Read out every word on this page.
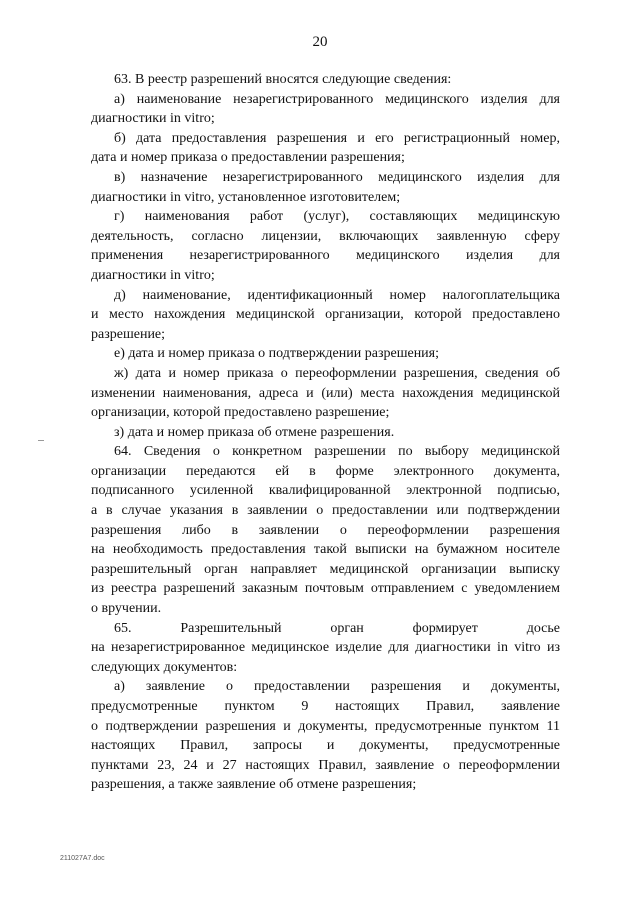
20
63. В реестр разрешений вносятся следующие сведения:
а) наименование незарегистрированного медицинского изделия для
диагностики in vitro;
б) дата предоставления разрешения и его регистрационный номер,
дата и номер приказа о предоставлении разрешения;
в) назначение незарегистрированного медицинского изделия для
диагностики in vitro, установленное изготовителем;
г) наименования работ (услуг), составляющих медицинскую
деятельность, согласно лицензии, включающих заявленную сферу
применения незарегистрированного медицинского изделия для
диагностики in vitro;
д) наименование, идентификационный номер налогоплательщика
и место нахождения медицинской организации, которой предоставлено
разрешение;
е) дата и номер приказа о подтверждении разрешения;
ж) дата и номер приказа о переоформлении разрешения, сведения об
изменении наименования, адреса и (или) места нахождения медицинской
организации, которой предоставлено разрешение;
з) дата и номер приказа об отмене разрешения.
64. Сведения о конкретном разрешении по выбору медицинской
организации передаются ей в форме электронного документа,
подписанного усиленной квалифицированной электронной подписью,
а в случае указания в заявлении о предоставлении или подтверждении
разрешения либо в заявлении о переоформлении разрешения
на необходимость предоставления такой выписки на бумажном носителе
разрешительный орган направляет медицинской организации выписку
из реестра разрешений заказным почтовым отправлением с уведомлением
о вручении.
65. Разрешительный орган формирует досье
на незарегистрированное медицинское изделие для диагностики in vitro из
следующих документов:
а) заявление о предоставлении разрешения и документы,
предусмотренные пунктом 9 настоящих Правил, заявление
о подтверждении разрешения и документы, предусмотренные пунктом 11
настоящих Правил, запросы и документы, предусмотренные
пунктами 23, 24 и 27 настоящих Правил, заявление о переоформлении
разрешения, а также заявление об отмене разрешения;
211027A7.doc
